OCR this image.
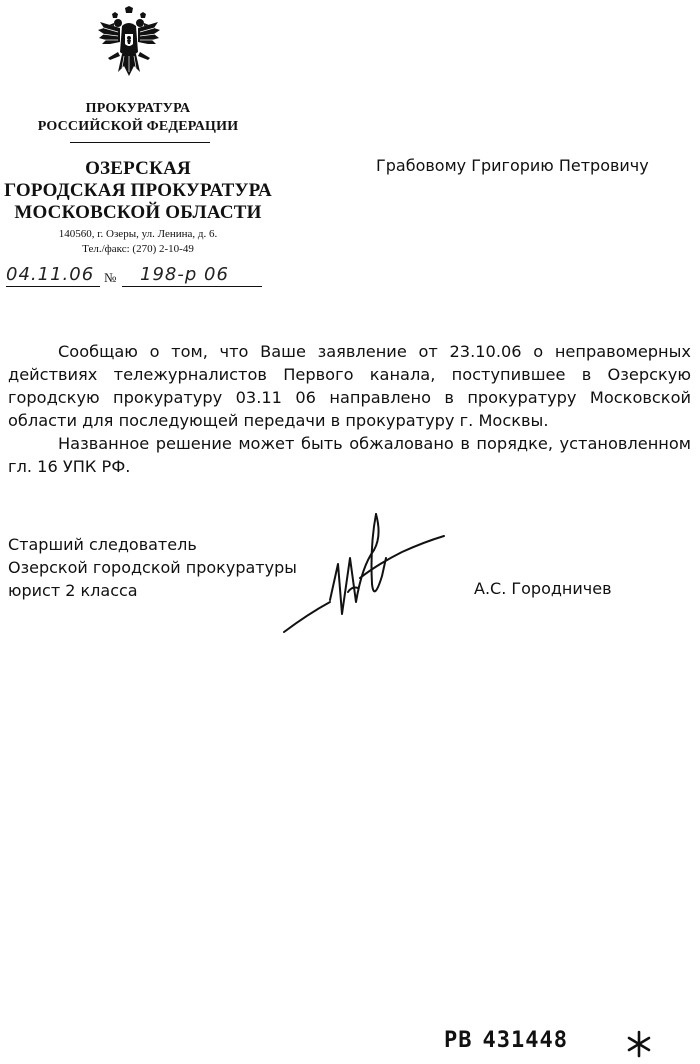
ПРОКУРАТУРА
РОССИЙСКОЙ ФЕДЕРАЦИИ
ОЗЕРСКАЯ
ГОРОДСКАЯ ПРОКУРАТУРА
МОСКОВСКОЙ ОБЛАСТИ
140560, г. Озеры, ул. Ленина, д. 6.
Тел./факс: (270) 2-10-49
04.11.06 № 198-р 06
Грабовому Григорию Петровичу

Сообщаю о том, что Ваше заявление от 23.10.06 о неправомерных действиях тележурналистов Первого канала, поступившее в Озерскую городскую прокуратуру 03.11 06 направлено в прокуратуру Московской области для последующей передачи в прокуратуру г. Москвы.

Названное решение может быть обжаловано в порядке, установленном гл. 16 УПК РФ.

Старший следователь
Озерской городской прокуратуры
юрист 2 класса	А.С. Городничев
РВ 431448
